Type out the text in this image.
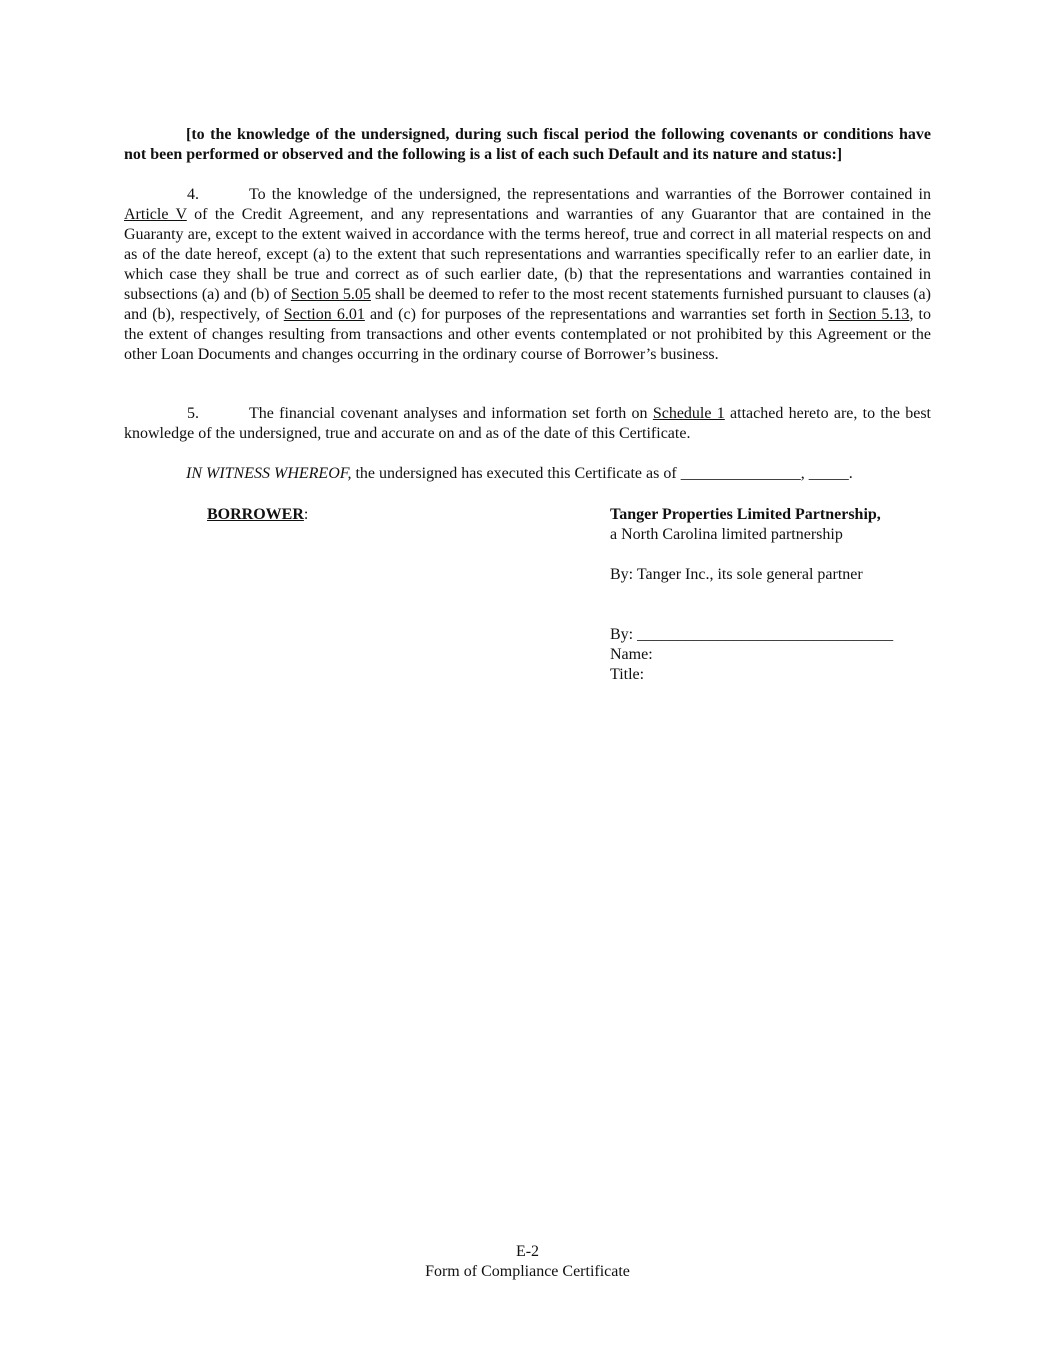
[to the knowledge of the undersigned, during such fiscal period the following covenants or conditions have not been performed or observed and the following is a list of each such Default and its nature and status:]
4.	To the knowledge of the undersigned, the representations and warranties of the Borrower contained in Article V of the Credit Agreement, and any representations and warranties of any Guarantor that are contained in the Guaranty are, except to the extent waived in accordance with the terms hereof, true and correct in all material respects on and as of the date hereof, except (a) to the extent that such representations and warranties specifically refer to an earlier date, in which case they shall be true and correct as of such earlier date, (b) that the representations and warranties contained in subsections (a) and (b) of Section 5.05 shall be deemed to refer to the most recent statements furnished pursuant to clauses (a) and (b), respectively, of Section 6.01 and (c) for purposes of the representations and warranties set forth in Section 5.13, to the extent of changes resulting from transactions and other events contemplated or not prohibited by this Agreement or the other Loan Documents and changes occurring in the ordinary course of Borrower’s business.
5.	The financial covenant analyses and information set forth on Schedule 1 attached hereto are, to the best knowledge of the undersigned, true and accurate on and as of the date of this Certificate.
IN WITNESS WHEREOF, the undersigned has executed this Certificate as of _______________, _____.
BORROWER:	Tanger Properties Limited Partnership,
a North Carolina limited partnership
By: Tanger Inc., its sole general partner
By: ________________________________
Name:
Title:
E-2
Form of Compliance Certificate
